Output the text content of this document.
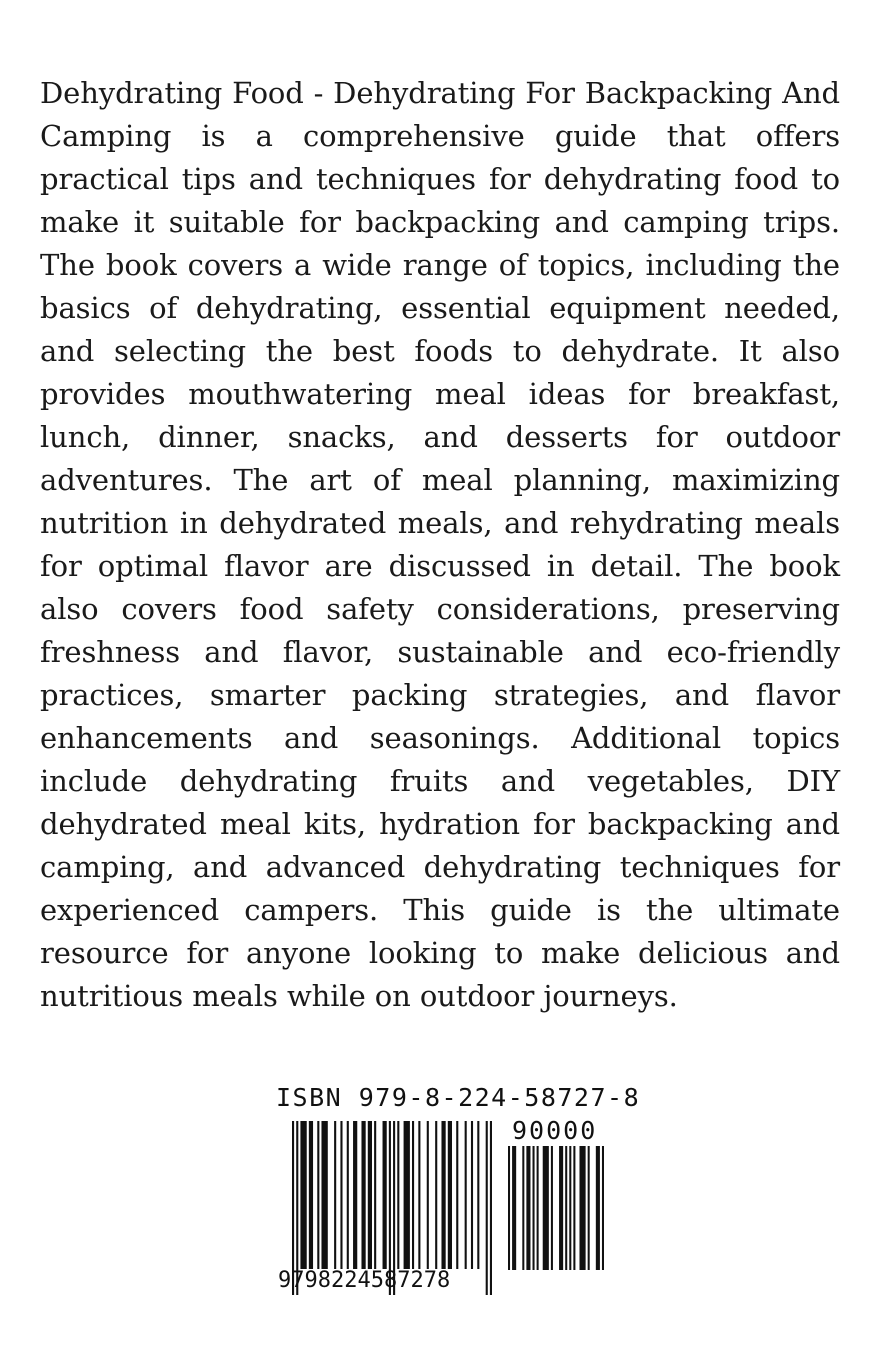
Dehydrating Food - Dehydrating For Backpacking And Camping is a comprehensive guide that offers practical tips and techniques for dehydrating food to make it suitable for backpacking and camping trips. The book covers a wide range of topics, including the basics of dehydrating, essential equipment needed, and selecting the best foods to dehydrate. It also provides mouthwatering meal ideas for breakfast, lunch, dinner, snacks, and desserts for outdoor adventures. The art of meal planning, maximizing nutrition in dehydrated meals, and rehydrating meals for optimal flavor are discussed in detail. The book also covers food safety considerations, preserving freshness and flavor, sustainable and eco-friendly practices, smarter packing strategies, and flavor enhancements and seasonings. Additional topics include dehydrating fruits and vegetables, DIY dehydrated meal kits, hydration for backpacking and camping, and advanced dehydrating techniques for experienced campers. This guide is the ultimate resource for anyone looking to make delicious and nutritious meals while on outdoor journeys.

ISBN 979-8-224-58727-8
90000
9798224587278
